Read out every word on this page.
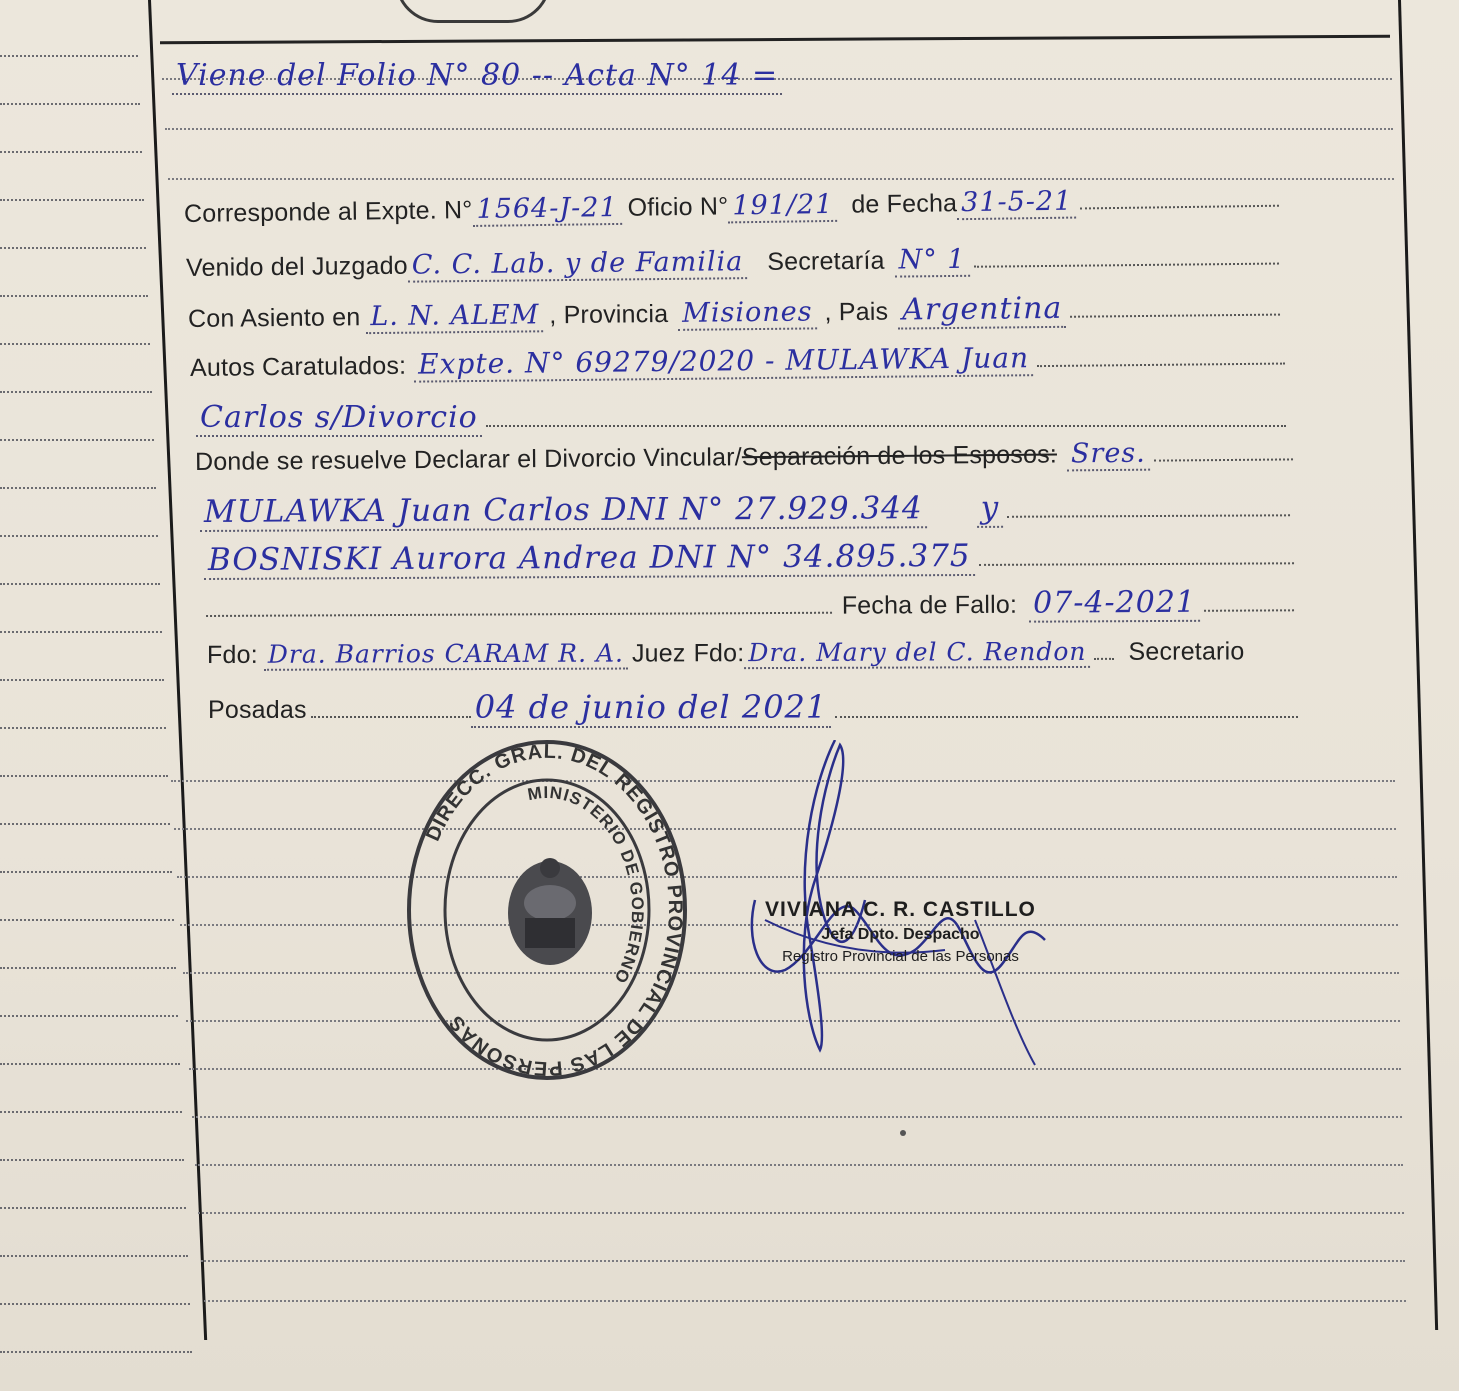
Viene del Folio N° 80 -- Acta N° 14 =
Corresponde al Expte. N° 1564-J-21 Oficio N° 191/21 de Fecha 31-5-21
Venido del Juzgado C. C. Lab. y de Familia Secretaría N° 1
Con Asiento en L. N. ALEM , Provincia Misiones , Pais Argentina
Autos Caratulados: Expte. N° 69279/2020 - MULAWKA Juan
Carlos s/Divorcio
Donde se resuelve Declarar el Divorcio Vincular/ Separación de los Esposos: Sres.
MULAWKA Juan Carlos DNI N° 27.929.344 y
BOSNISKI Aurora Andrea DNI N° 34.895.375
Fecha de Fallo: 07-4-2021
Fdo: Dra. Barrios CARAM R. A. Juez Fdo: Dra. Mary del C. Rendon Secretario
Posadas	04 de junio del 2021
DIRECC. GRAL. DEL REGISTRO PROVINCIAL DE LAS PERSONAS
MINISTERIO DE GOBIERNO
VIVIANA C. R. CASTILLO
Jefa Dpto. Despacho
Registro Provincial de las Personas
